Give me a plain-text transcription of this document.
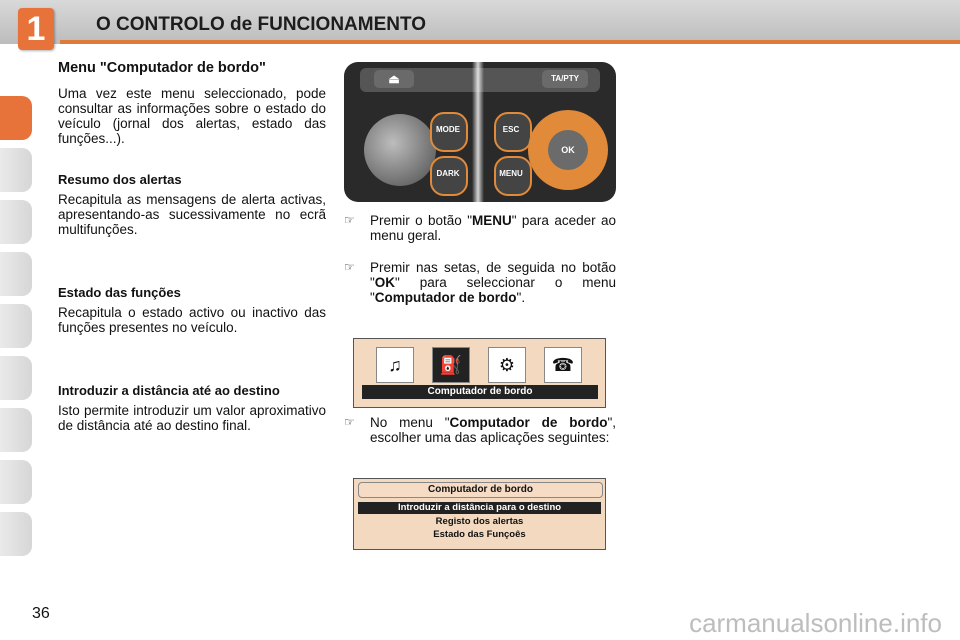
1	O CONTROLO de FUNCIONAMENTO

Menu "Computador de bordo"

Uma vez este menu seleccionado, pode consultar as informações sobre o estado do veículo (jornal dos alertas, estado das funções...).

Resumo dos alertas

Recapitula as mensagens de alerta activas, apresentando-as sucessivamente no ecrã multifunções.

Estado das funções

Recapitula o estado activo ou inactivo das funções presentes no veículo.

Introduzir a distância até ao destino

Isto permite introduzir um valor aproximativo de distância até ao destino final.

⏏	TA/PTY
MODE
DARK
ESC
MENU
OK
☞ Premir o botão "MENU" para aceder ao menu geral.
☞ Premir nas setas, de seguida no botão "OK" para seleccionar o menu "Computador de bordo".
♫	⛽	⚙	☎
Computador de bordo
☞ No menu "Computador de bordo", escolher uma das aplicações seguintes:
Computador de bordo
Introduzir a distância para o destino
Registo dos alertas
Estado das Funçoês
36	carmanualsonline.info
